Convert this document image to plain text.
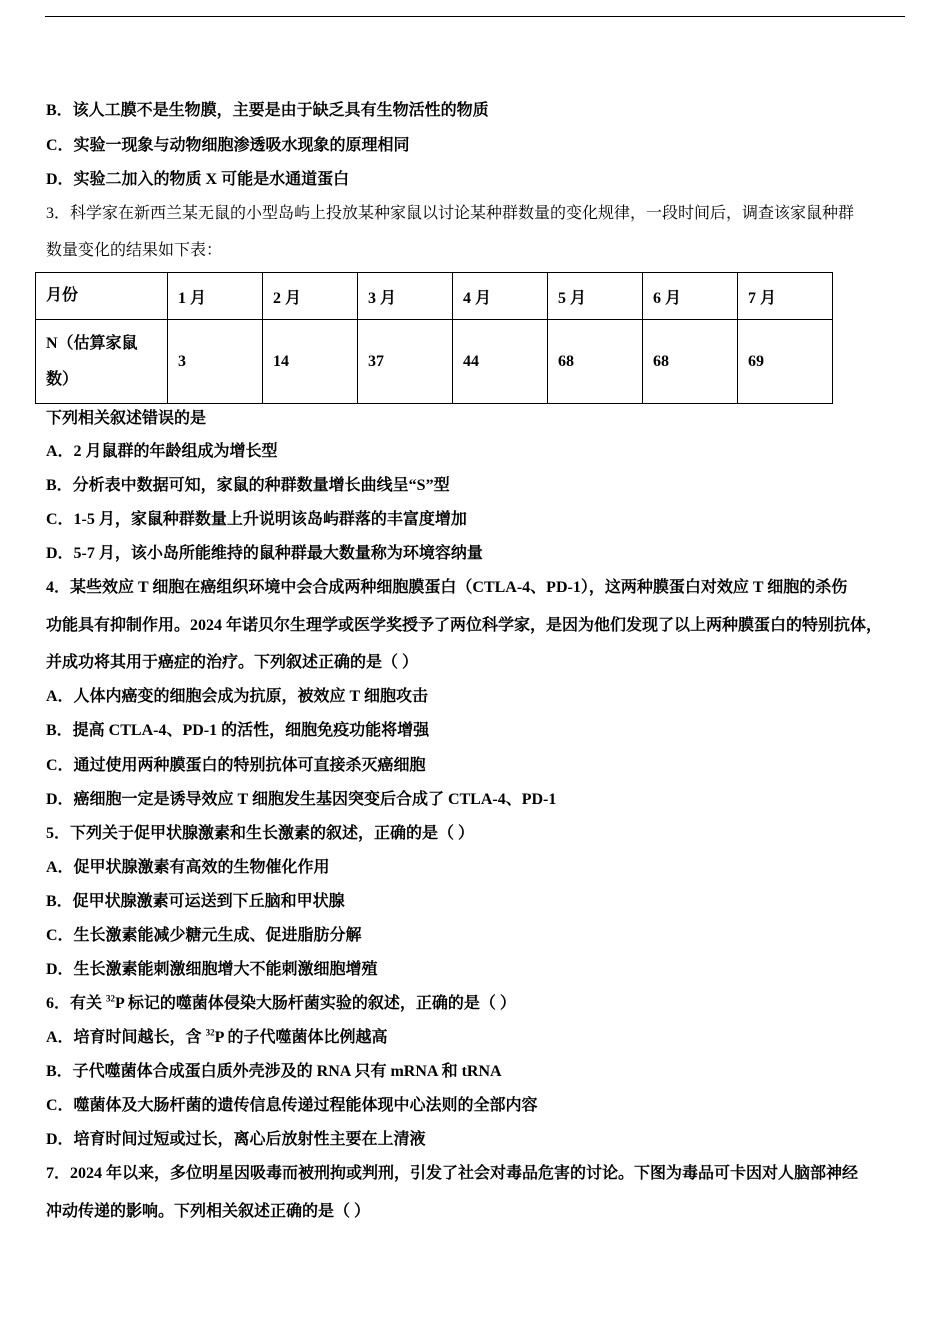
B．该人工膜不是生物膜，主要是由于缺乏具有生物活性的物质
C．实验一现象与动物细胞渗透吸水现象的原理相同
D．实验二加入的物质 X 可能是水通道蛋白
3．科学家在新西兰某无鼠的小型岛屿上投放某种家鼠以讨论某种群数量的变化规律，一段时间后，调查该家鼠种群
数量变化的结果如下表：
月份	1 月	2 月	3 月	4 月	5 月	6 月	7 月
N（估算家鼠
数）	3	14	37	44	68	68	69
下列相关叙述错误的是
A．2 月鼠群的年龄组成为增长型
B．分析表中数据可知，家鼠的种群数量增长曲线呈“S”型
C．1-5 月，家鼠种群数量上升说明该岛屿群落的丰富度增加
D．5-7 月，该小岛所能维持的鼠种群最大数量称为环境容纳量
4．某些效应 T 细胞在癌组织环境中会合成两种细胞膜蛋白（CTLA-4、PD-1），这两种膜蛋白对效应 T 细胞的杀伤
功能具有抑制作用。2024 年诺贝尔生理学或医学奖授予了两位科学家，是因为他们发现了以上两种膜蛋白的特别抗体，
并成功将其用于癌症的治疗。下列叙述正确的是（ ）
A．人体内癌变的细胞会成为抗原，被效应 T 细胞攻击
B．提高 CTLA-4、PD-1 的活性，细胞免疫功能将增强
C．通过使用两种膜蛋白的特别抗体可直接杀灭癌细胞
D．癌细胞一定是诱导效应 T 细胞发生基因突变后合成了 CTLA-4、PD-1
5．下列关于促甲状腺激素和生长激素的叙述，正确的是（ ）
A．促甲状腺激素有高效的生物催化作用
B．促甲状腺激素可运送到下丘脑和甲状腺
C．生长激素能减少糖元生成、促进脂肪分解
D．生长激素能刺激细胞增大不能刺激细胞增殖
6．有关 $^{32}$P 标记的噬菌体侵染大肠杆菌实验的叙述，正确的是（ ）
A．培育时间越长，含 $^{32}$P 的子代噬菌体比例越高
B．子代噬菌体合成蛋白质外壳涉及的 RNA 只有 mRNA 和 tRNA
C．噬菌体及大肠杆菌的遗传信息传递过程能体现中心法则的全部内容
D．培育时间过短或过长，离心后放射性主要在上清液
7．2024 年以来，多位明星因吸毒而被刑拘或判刑，引发了社会对毒品危害的讨论。下图为毒品可卡因对人脑部神经
冲动传递的影响。下列相关叙述正确的是（ ）
